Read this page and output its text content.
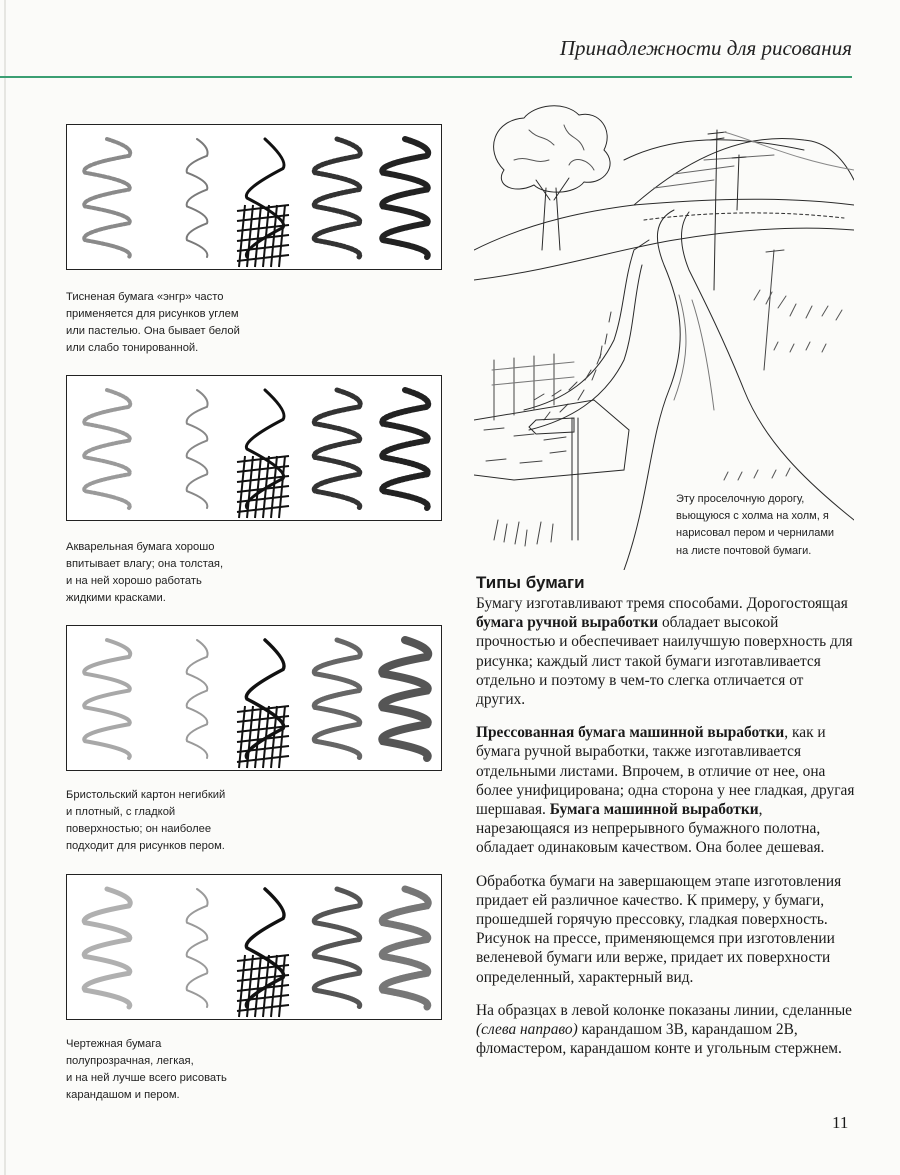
Принадлежности для рисования
Тисненая бумага «энгр» часто
применяется для рисунков углем
или пастелью. Она бывает белой
или слабо тонированной.
Акварельная бумага хорошо
впитывает влагу; она толстая,
и на ней хорошо работать
жидкими красками.
Бристольский картон негибкий
и плотный, с гладкой
поверхностью; он наиболее
подходит для рисунков пером.
Чертежная бумага
полупрозрачная, легкая,
и на ней лучше всего рисовать
карандашом и пером.
Эту проселочную дорогу,
вьющуюся с холма на холм, я
нарисовал пером и чернилами
на листе почтовой бумаги.
Типы бумаги

Бумагу изготавливают тремя способами. Дорогостоящая бумага ручной выработки обладает высокой прочностью и обеспечивает наилучшую поверхность для рисунка; каждый лист такой бумаги изготавливается отдельно и поэтому в чем-то слегка отличается от других.

Прессованная бумага машинной выработки, как и бумага ручной выработки, также изготавливается отдельными листами. Впрочем, в отличие от нее, она более унифицирована; одна сторона у нее гладкая, другая шершавая. Бумага машинной выработки, нарезающаяся из непрерывного бумажного полотна, обладает одинаковым качеством. Она более дешевая.

Обработка бумаги на завершающем этапе изготовления придает ей различное качество. К примеру, у бумаги, прошедшей горячую прессовку, гладкая поверхность. Рисунок на прессе, применяющемся при изготовлении веленевой бумаги или верже, придает их поверхности определенный, характерный вид.

На образцах в левой колонке показаны линии, сделанные (слева направо) карандашом 3В, карандашом 2В, фломастером, карандашом конте и угольным стержнем.

11
